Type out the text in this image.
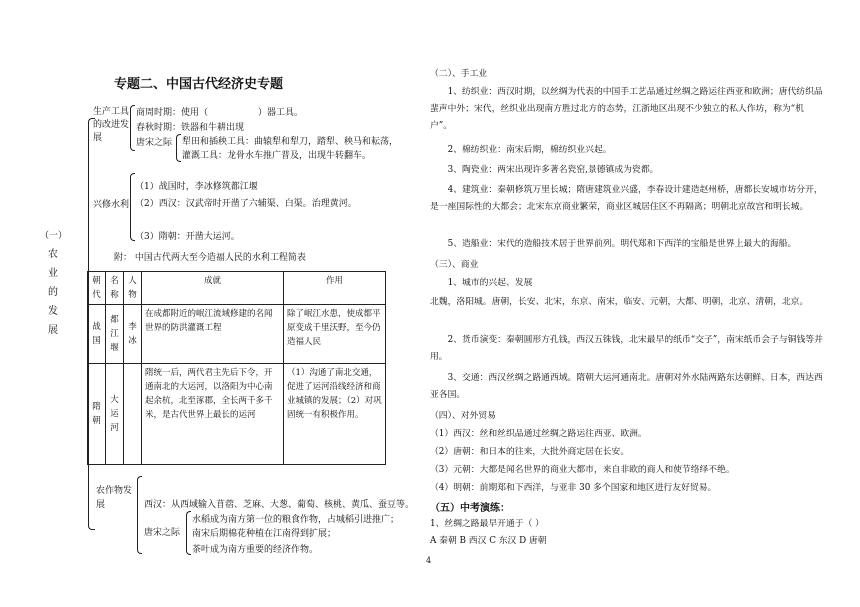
专题二、中国古代经济史专题
（一）
农业的发展
生产工具的改进发展
商周时期：使用（	）器工具。
春秋时期：铁器和牛耕出现
唐宋之际 犁田和插秧工具：曲辕犁和犁刀，踏犁、秧马和耘荡，
灌溉工具：龙骨水车推广普及，出现牛转翻车。
兴修水利
（1）战国时，李冰修筑都江堰
（2）西汉：汉武帝时开凿了六辅渠、白渠。治理黄河。
（3）隋朝：开凿大运河。
附： 中国古代两大至今造福人民的水利工程简表
朝代	名称	人物	成就	作用
战国	都江堰	李冰	在成都附近的岷江流域修建的名闻世界的防洪灌溉工程	除了岷江水患，使成都平原变成千里沃野，至今仍造福人民
隋朝	大运河		隋统一后，两代君主先后下令，开通南北的大运河，以洛阳为中心南起余杭，北至涿郡，全长两千多千米，是古代世界上最长的运河	（1）沟通了南北交通，促进了运河沿线经济和商业城镇的发展；（2）对巩固统一有积极作用。
农作物发展	西汉：从西域输入苜蓿、芝麻、大葱、葡萄、核桃、黄瓜、蚕豆等。
唐宋之际
水稻成为南方第一位的粮食作物，占城稻引进推广；
南宋后期棉花种植在江南得到扩展；
茶叶成为南方重要的经济作物。
4
（二）、手工业
1、纺织业：西汉时期，以丝绸为代表的中国手工艺品通过丝绸之路运往西亚和欧洲；唐代纺织品蜚声中外；宋代，丝织业出现南方胜过北方的态势，江浙地区出现不少独立的私人作坊，称为“机户”。
2、棉纺织业：南宋后期，棉纺织业兴起。
3、陶瓷业：两宋出现许多著名瓷窑,景德镇成为瓷都。
4、建筑业：秦朝修筑万里长城；隋唐建筑业兴盛，李春设计建造赵州桥，唐都长安城市坊分开，是一座国际性的大都会；北宋东京商业繁荣，商业区城居住区不再隔离；明朝北京故宫和明长城。
5、造船业：宋代的造船技术居于世界前列。明代郑和下西洋的宝船是世界上最大的海船。
（三）、商业
1、城市的兴起、发展
北魏，洛阳城。唐朝，长安、北宋，东京、南宋，临安、元朝，大都、明朝，北京、清朝，北京。
2、货币演变：秦朝圆形方孔钱，西汉五铢钱，北宋最早的纸币“交子”，南宋纸币会子与铜钱等并用。
3、交通：西汉丝绸之路通西域。隋朝大运河通南北。唐朝对外水陆两路东达朝鲜、日本，西达西亚各国。
（四）、对外贸易
（1）西汉：丝和丝织品通过丝绸之路运往西亚、欧洲。
（2）唐朝：和日本的往来，大批外商定居在长安。
（3）元朝：大都是闻名世界的商业大都市，来自非欧的商人和使节络绎不绝。
（4）明朝：前期郑和下西洋，与亚非 30 多个国家和地区进行友好贸易。
（五）中考演练：
1、丝绸之路最早开通于（ ）
A 秦朝 B 西汉 C 东汉 D 唐朝
